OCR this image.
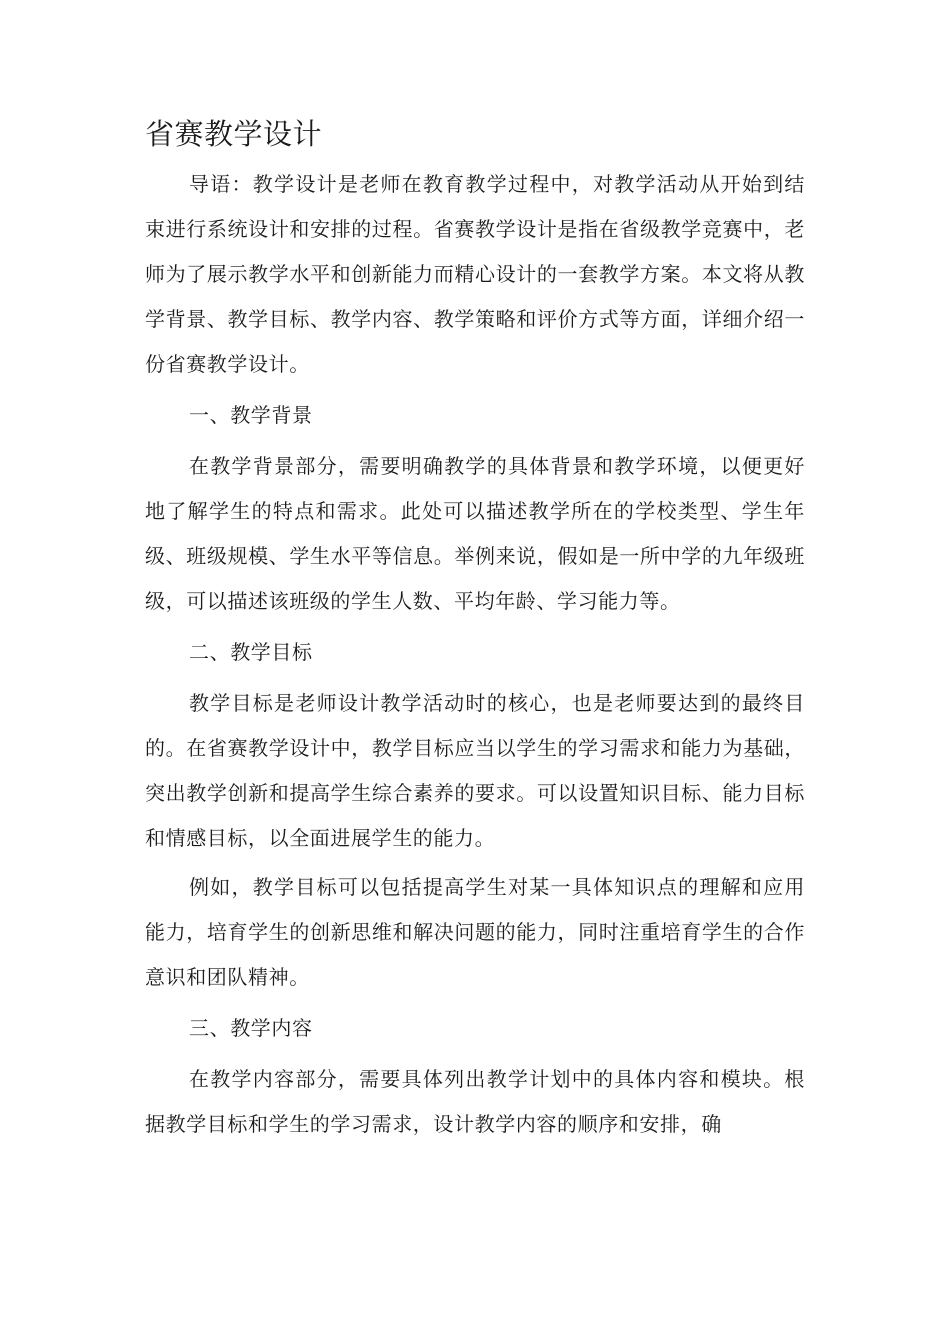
省赛教学设计

导语：教学设计是老师在教育教学过程中，对教学活动从开始到结束进行系统设计和安排的过程。省赛教学设计是指在省级教学竞赛中，老师为了展示教学水平和创新能力而精心设计的一套教学方案。本文将从教学背景、教学目标、教学内容、教学策略和评价方式等方面，详细介绍一份省赛教学设计。

一、教学背景

在教学背景部分，需要明确教学的具体背景和教学环境，以便更好地了解学生的特点和需求。此处可以描述教学所在的学校类型、学生年级、班级规模、学生水平等信息。举例来说，假如是一所中学的九年级班级，可以描述该班级的学生人数、平均年龄、学习能力等。

二、教学目标

教学目标是老师设计教学活动时的核心，也是老师要达到的最终目的。在省赛教学设计中，教学目标应当以学生的学习需求和能力为基础，突出教学创新和提高学生综合素养的要求。可以设置知识目标、能力目标和情感目标，以全面进展学生的能力。

例如，教学目标可以包括提高学生对某一具体知识点的理解和应用能力，培育学生的创新思维和解决问题的能力，同时注重培育学生的合作意识和团队精神。

三、教学内容

在教学内容部分，需要具体列出教学计划中的具体内容和模块。根据教学目标和学生的学习需求，设计教学内容的顺序和安排，确
